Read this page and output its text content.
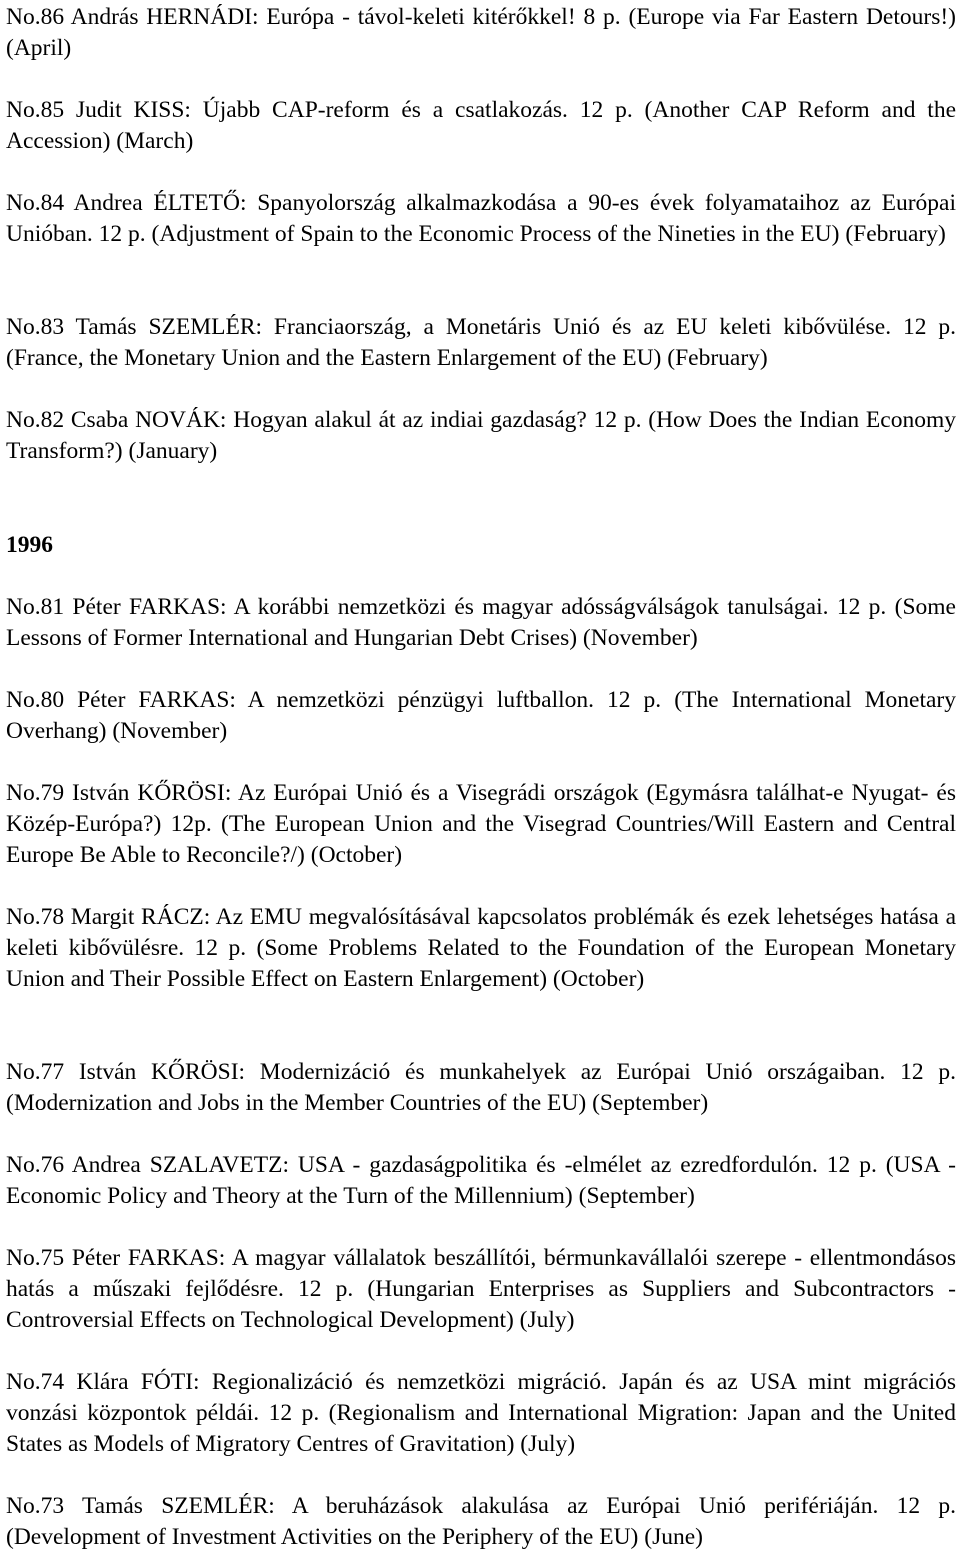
No.86 András HERNÁDI: Európa - távol-keleti kitérőkkel! 8 p. (Europe via Far Eastern Detours!) (April)

No.85 Judit KISS: Újabb CAP-reform és a csatlakozás. 12 p. (Another CAP Reform and the Accession) (March)

No.84 Andrea ÉLTETŐ: Spanyolország alkalmazkodása a 90-es évek folyamataihoz az Európai Unióban. 12 p. (Adjustment of Spain to the Economic Process of the Nineties in the EU) (February)

No.83 Tamás SZEMLÉR: Franciaország, a Monetáris Unió és az EU keleti kibővülése. 12 p. (France, the Monetary Union and the Eastern Enlargement of the EU) (February)

No.82 Csaba NOVÁK: Hogyan alakul át az indiai gazdaság? 12 p. (How Does the Indian Economy Transform?) (January)

1996

No.81 Péter FARKAS: A korábbi nemzetközi és magyar adósságválságok tanulságai. 12 p. (Some Lessons of Former International and Hungarian Debt Crises) (November)

No.80 Péter FARKAS: A nemzetközi pénzügyi luftballon. 12 p. (The International Monetary Overhang) (November)

No.79 István KŐRÖSI: Az Európai Unió és a Visegrádi országok (Egymásra találhat-e Nyugat- és Közép-Európa?) 12p. (The European Union and the Visegrad Countries/Will Eastern and Central Europe Be Able to Reconcile?/) (October)

No.78 Margit RÁCZ: Az EMU megvalósításával kapcsolatos problémák és ezek lehetséges hatása a keleti kibővülésre. 12 p. (Some Problems Related to the Foundation of the European Monetary Union and Their Possible Effect on Eastern Enlargement) (October)

No.77 István KŐRÖSI: Modernizáció és munkahelyek az Európai Unió országaiban. 12 p. (Modernization and Jobs in the Member Countries of the EU) (September)

No.76 Andrea SZALAVETZ: USA - gazdaságpolitika és -elmélet az ezredfordulón. 12 p. (USA - Economic Policy and Theory at the Turn of the Millennium) (September)

No.75 Péter FARKAS: A magyar vállalatok beszállítói, bérmunkavállalói szerepe - ellentmondásos hatás a műszaki fejlődésre. 12 p. (Hungarian Enterprises as Suppliers and Subcontractors - Controversial Effects on Technological Development) (July)

No.74 Klára FÓTI: Regionalizáció és nemzetközi migráció. Japán és az USA mint migrációs vonzási központok példái. 12 p. (Regionalism and International Migration: Japan and the United States as Models of Migratory Centres of Gravitation) (July)

No.73 Tamás SZEMLÉR: A beruházások alakulása az Európai Unió perifériáján. 12 p. (Development of Investment Activities on the Periphery of the EU) (June)
